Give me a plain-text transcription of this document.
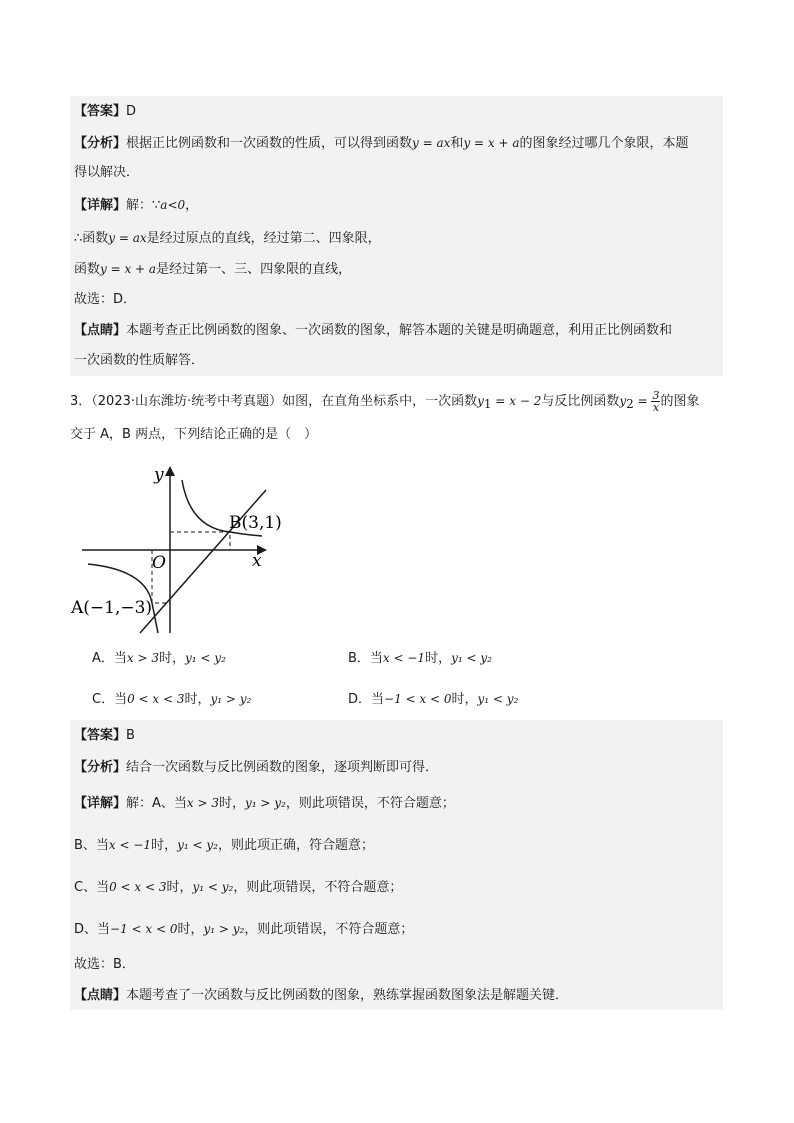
【答案】D
【分析】根据正比例函数和一次函数的性质，可以得到函数y = ax和y = x + a的图象经过哪几个象限，本题
得以解决．
【详解】解：∵a<0，
∴函数y = ax是经过原点的直线，经过第二、四象限，
函数y = x + a是经过第一、三、四象限的直线，
故选：D．
【点睛】本题考查正比例函数的图象、一次函数的图象，解答本题的关键是明确题意，利用正比例函数和
一次函数的性质解答．
3．（2023·山东潍坊·统考中考真题）如图，在直角坐标系中，一次函数$y_1 = x - 2$与反比例函数$y_2 = \frac{3}{x}$ 的图象
交于 A，B 两点，下列结论正确的是（　）
y
x
O
B(3,1)
A(−1,−3)
A．当x > 3时，y₁ < y₂	B．当x < −1时，y₁ < y₂
C．当0 < x < 3时，y₁ > y₂	D．当−1 < x < 0时，y₁ < y₂
【答案】B
【分析】结合一次函数与反比例函数的图象，逐项判断即可得．
【详解】解：A、当x > 3时，y₁ > y₂，则此项错误，不符合题意；
B、当x < −1时，y₁ < y₂，则此项正确，符合题意；
C、当0 < x < 3时，y₁ < y₂，则此项错误，不符合题意；
D、当−1 < x < 0时，y₁ > y₂，则此项错误，不符合题意；
故选：B．
【点睛】本题考查了一次函数与反比例函数的图象，熟练掌握函数图象法是解题关键．
